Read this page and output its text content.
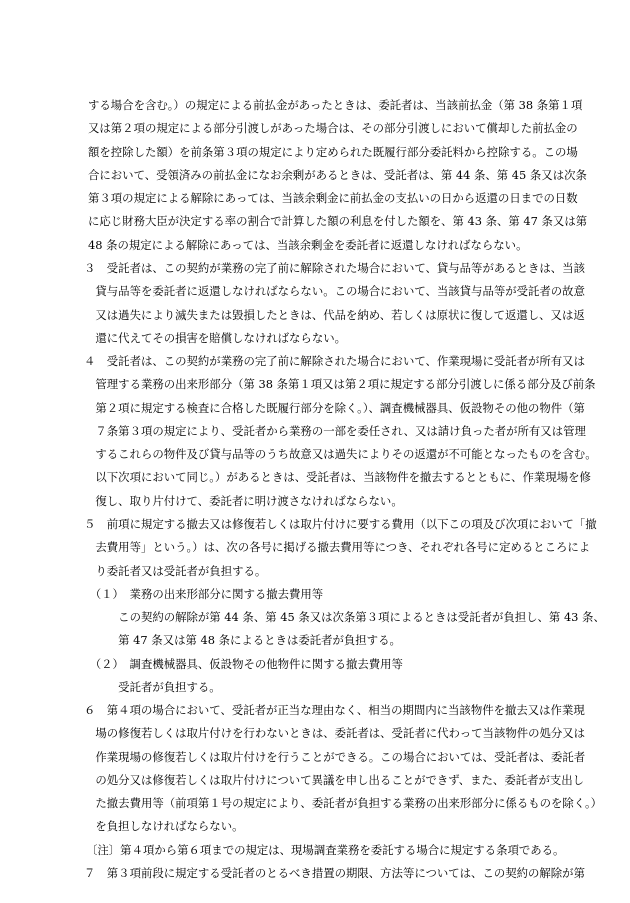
する場合を含む。）の規定による前払金があったときは、委託者は、当該前払金（第 38 条第１項
又は第２項の規定による部分引渡しがあった場合は、その部分引渡しにおいて償却した前払金の
額を控除した額）を前条第３項の規定により定められた既履行部分委託料から控除する。この場
合において、受領済みの前払金になお余剰があるときは、受託者は、第 44 条、第 45 条又は次条
第３項の規定による解除にあっては、当該余剰金に前払金の支払いの日から返還の日までの日数
に応じ財務大臣が決定する率の割合で計算した額の利息を付した額を、第 43 条、第 47 条又は第
48 条の規定による解除にあっては、当該余剰金を委託者に返還しなければならない。
３　受託者は、この契約が業務の完了前に解除された場合において、貸与品等があるときは、当該
　貸与品等を委託者に返還しなければならない。この場合において、当該貸与品等が受託者の故意
　又は過失により滅失または毀損したときは、代品を納め、若しくは原状に復して返還し、又は返
　還に代えてその損害を賠償しなければならない。
４　受託者は、この契約が業務の完了前に解除された場合において、作業現場に受託者が所有又は
　管理する業務の出来形部分（第 38 条第１項又は第２項に規定する部分引渡しに係る部分及び前条
　第２項に規定する検査に合格した既履行部分を除く。）、調査機械器具、仮設物その他の物件（第
　７条第３項の規定により、受託者から業務の一部を委任され、又は請け負った者が所有又は管理
　するこれらの物件及び貸与品等のうち故意又は過失によりその返還が不可能となったものを含む。
　以下次項において同じ。）があるときは、受託者は、当該物件を撤去するとともに、作業現場を修
　復し、取り片付けて、委託者に明け渡さなければならない。
５　前項に規定する撤去又は修復若しくは取片付けに要する費用（以下この項及び次項において「撤
　去費用等」という。）は、次の各号に掲げる撤去費用等につき、それぞれ各号に定めるところによ
　り委託者又は受託者が負担する。
　（１）　業務の出来形部分に関する撤去費用等
　　　この契約の解除が第 44 条、第 45 条又は次条第３項によるときは受託者が負担し、第 43 条、
　　　第 47 条又は第 48 条によるときは委託者が負担する。
　（２）　調査機械器具、仮設物その他物件に関する撤去費用等
　　　受託者が負担する。
６　第４項の場合において、受託者が正当な理由なく、相当の期間内に当該物件を撤去又は作業現
　場の修復若しくは取片付けを行わないときは、委託者は、受託者に代わって当該物件の処分又は
　作業現場の修復若しくは取片付けを行うことができる。この場合においては、受託者は、委託者
　の処分又は修復若しくは取片付けについて異議を申し出ることができず、また、委託者が支出し
　た撤去費用等（前項第１号の規定により、委託者が負担する業務の出来形部分に係るものを除く。）
　を負担しなければならない。
〔注〕第４項から第６項までの規定は、現場調査業務を委託する場合に規定する条項である。
７　第３項前段に規定する受託者のとるべき措置の期限、方法等については、この契約の解除が第
